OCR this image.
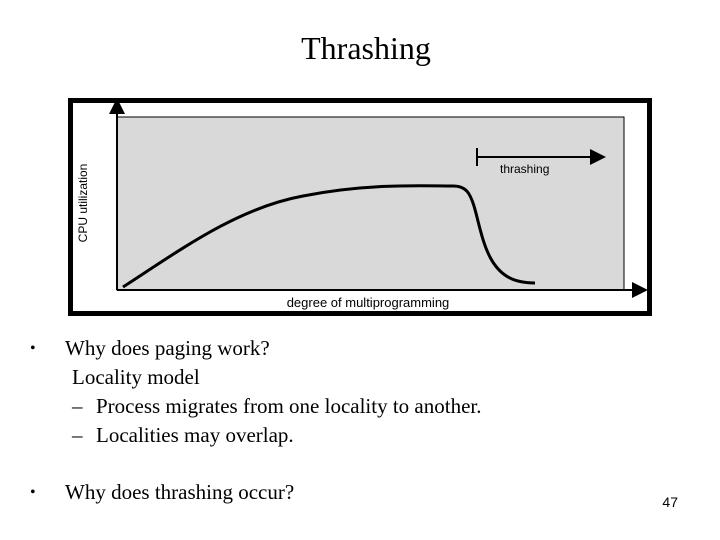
Thrashing
CPU utilization
degree of multiprogramming
thrashing
• Why does paging work?
Locality model
– Process migrates from one locality to another.
– Localities may overlap.
• Why does thrashing occur?	47
